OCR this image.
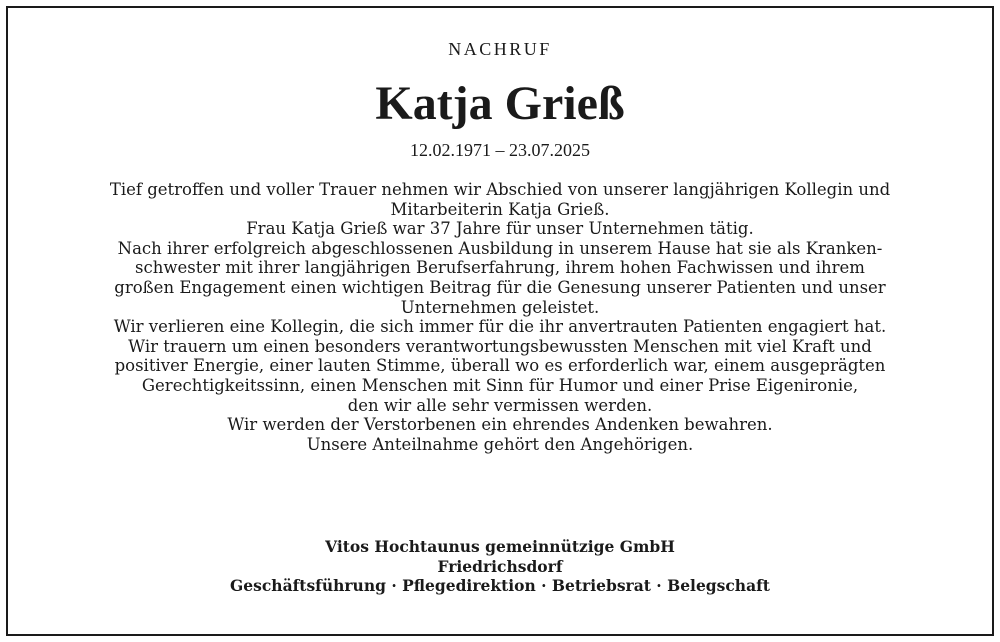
NACHRUF
Katja Grieß
12.02.1971 – 23.07.2025

Tief getroffen und voller Trauer nehmen wir Abschied von unserer langjährigen Kollegin und
Mitarbeiterin Katja Grieß.

Frau Katja Grieß war 37 Jahre für unser Unternehmen tätig.

Nach ihrer erfolgreich abgeschlossenen Ausbildung in unserem Hause hat sie als Kranken-
schwester mit ihrer langjährigen Berufserfahrung, ihrem hohen Fachwissen und ihrem
großen Engagement einen wichtigen Beitrag für die Genesung unserer Patienten und unser
Unternehmen geleistet.

Wir verlieren eine Kollegin, die sich immer für die ihr anvertrauten Patienten engagiert hat.
Wir trauern um einen besonders verantwortungsbewussten Menschen mit viel Kraft und
positiver Energie, einer lauten Stimme, überall wo es erforderlich war, einem ausgeprägten
Gerechtigkeitssinn, einen Menschen mit Sinn für Humor und einer Prise Eigenironie,
den wir alle sehr vermissen werden.

Wir werden der Verstorbenen ein ehrendes Andenken bewahren.

Unsere Anteilnahme gehört den Angehörigen.

Vitos Hochtaunus gemeinnützige GmbH
Friedrichsdorf
Geschäftsführung · Pflegedirektion · Betriebsrat · Belegschaft
